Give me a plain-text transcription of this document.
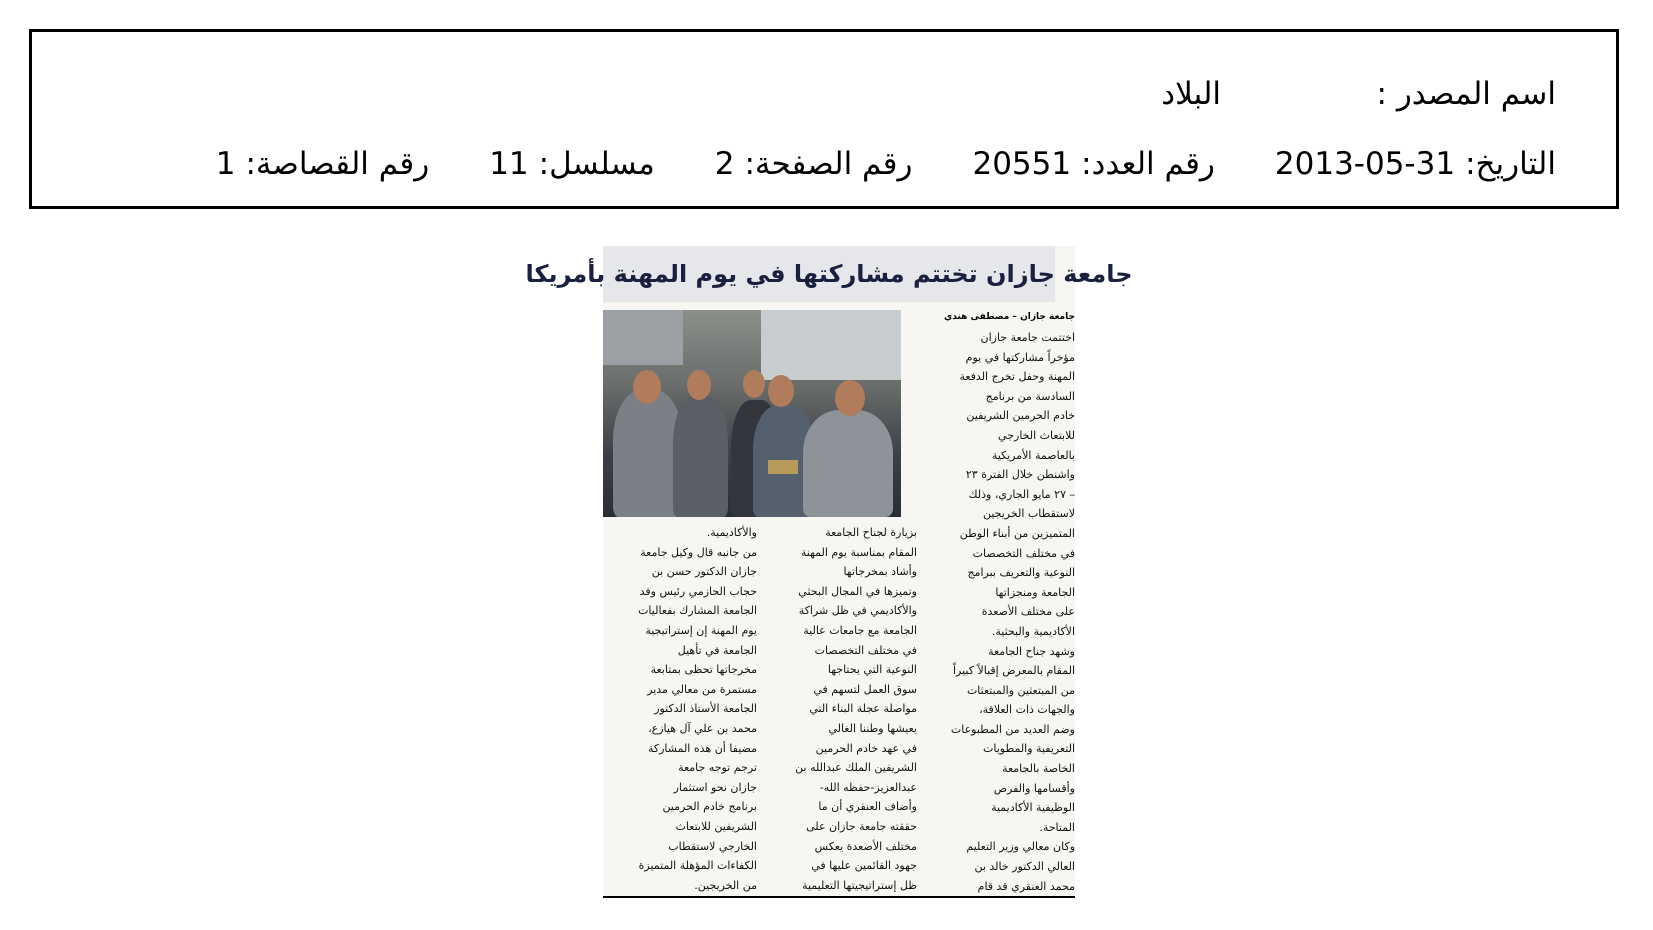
اسم المصدر :
البلاد
التاريخ:
2013-05-31
رقم العدد:
20551
رقم الصفحة:
2
مسلسل:
11
رقم القصاصة:
1
جامعة جازان تختتم مشاركتها في يوم المهنة بأمريكا
جامعة جازان – مصطفى هندي
اختتمت جامعة جازان
مؤخراً مشاركتها في يوم
المهنة وحفل تخرج الدفعة
السادسة من برنامج
خادم الحرمين الشريفين
للابتعاث الخارجي
بالعاصمة الأمريكية
واشنطن خلال الفترة ٢٣
– ٢٧ مايو الجاري، وذلك
لاستقطاب الخريجين
المتميزين من أبناء الوطن
في مختلف التخصصات
النوعية والتعريف ببرامج
الجامعة ومنجزاتها
على مختلف الأصعدة
الأكاديمية والبحثية.
وشهد جناح الجامعة
المقام بالمعرض إقبالاً كبيراً
من المبتعثين والمبتعثات
والجهات ذات العلاقة،
وضم العديد من المطبوعات
التعريفية والمطويات
الخاصة بالجامعة
وأقسامها والفرص
الوظيفية الأكاديمية
المتاحة.
وكان معالي وزير التعليم
العالي الدكتور خالد بن
محمد العنقري قد قام
بزيارة لجناح الجامعة
المقام بمناسبة يوم المهنة
وأشاد بمخرجاتها
وتميزها في المجال البحثي
والأكاديمي في ظل شراكة
الجامعة مع جامعات عالية
في مختلف التخصصات
النوعية التي يحتاجها
سوق العمل لتسهم في
مواصلة عجلة البناء التي
يعيشها وطننا الغالي
في عهد خادم الحرمين
الشريفين الملك عبدالله بن
عبدالعزيز-حفظه الله-
وأضاف العنقري أن ما
حققته جامعة جازان على
مختلف الأصعدة يعكس
جهود القائمين عليها في
ظل إستراتيجيتها التعليمية
والأكاديمية.
من جانبه قال وكيل جامعة
جازان الدكتور حسن بن
حجاب الحازمي رئيس وفد
الجامعة المشارك بفعاليات
يوم المهنة إن إستراتيجية
الجامعة في تأهيل
مخرجاتها تحظى بمتابعة
مستمرة من معالي مدير
الجامعة الأستاذ الدكتور
محمد بن علي آل هيازع،
مضيفا أن هذه المشاركة
ترجم توجه جامعة
جازان نحو استثمار
برنامج خادم الحرمين
الشريفين للابتعاث
الخارجي لاستقطاب
الكفاءات المؤهلة المتميزة
من الخريجين.
